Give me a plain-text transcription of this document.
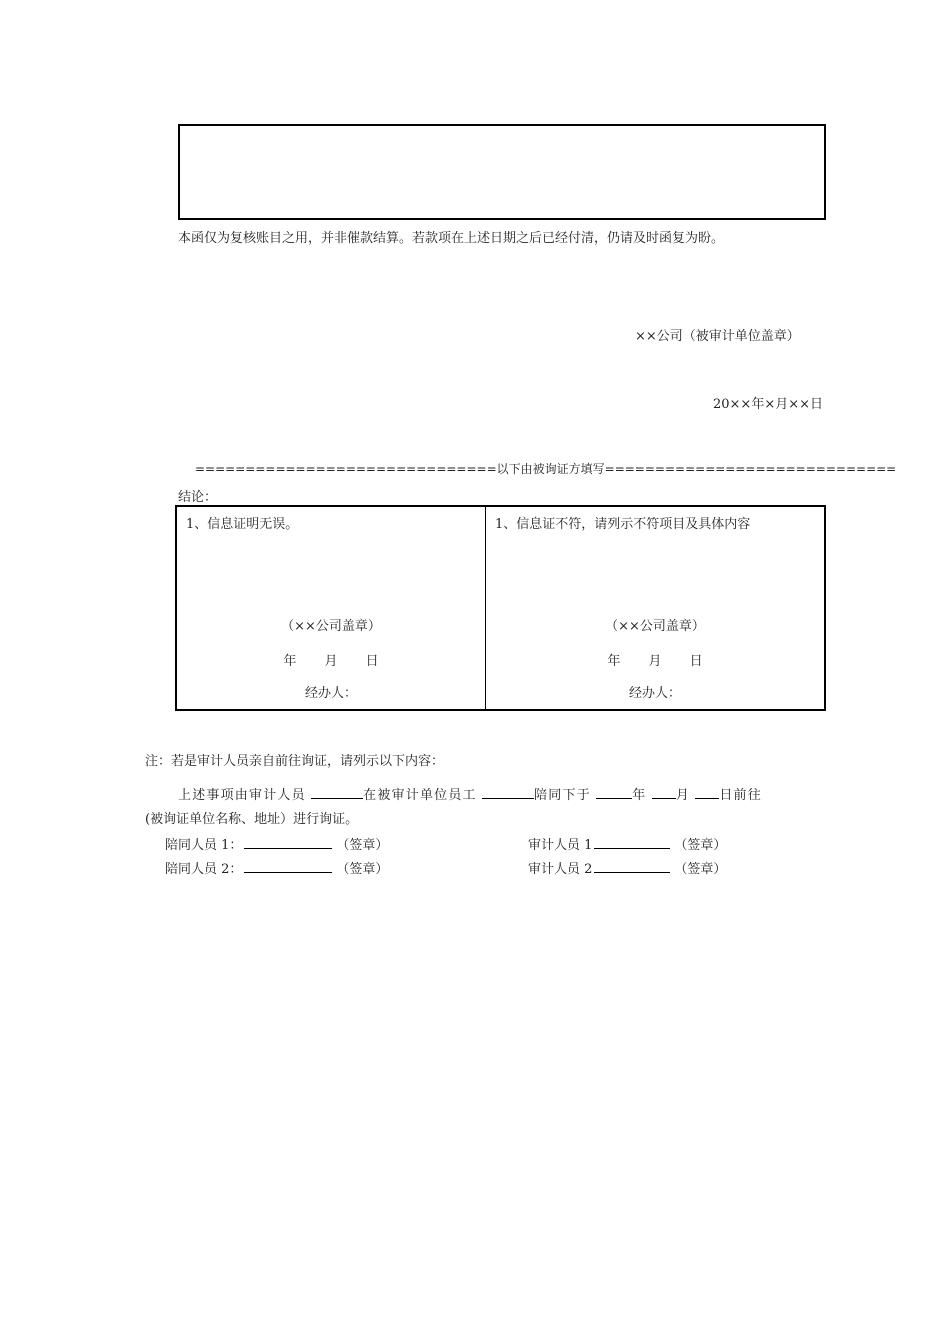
本函仅为复核账目之用，并非催款结算。若款项在上述日期之后已经付清，仍请及时函复为盼。
××公司（被审计单位盖章）
20××年×月××日
==============================以下由被询证方填写=============================
结论：
1、信息证明无误。
（××公司盖章）
年 月 日
经办人：
1、信息证不符，请列示不符项目及具体内容
（××公司盖章）
年 月 日
经办人：
注：若是审计人员亲自前往询证，请列示以下内容：
上述事项由审计人员	在被审计单位员工	陪同下于	年 月 日前往
(被询证单位名称、地址）进行询证。
陪同人员 1：	（签章）
陪同人员 2：	（签章）
审计人员 1	（签章）
审计人员 2	（签章）
